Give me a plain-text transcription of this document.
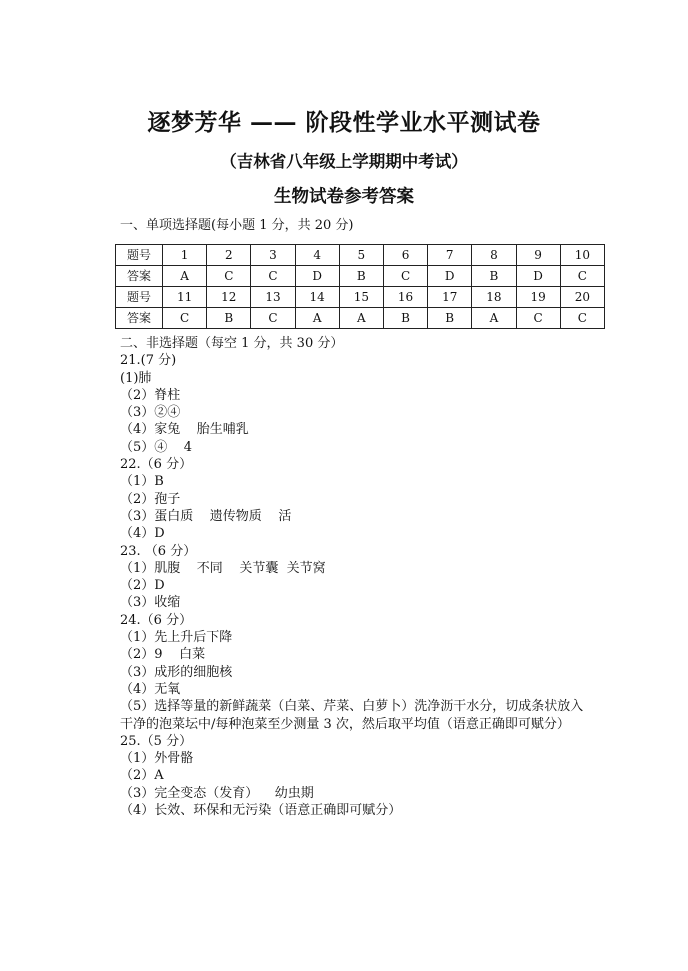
逐梦芳华 —— 阶段性学业水平测试卷
（吉林省八年级上学期期中考试）
生物试卷参考答案
一、单项选择题(每小题 1 分，共 20 分)
题号	1	2	3	4	5	6	7	8	9	10
答案	A	C	C	D	B	C	D	B	D	C
题号	11	12	13	14	15	16	17	18	19	20
答案	C	B	C	A	A	B	B	A	C	C
二、非选择题（每空 1 分，共 30 分）
21.(7 分)
(1)肺
（2）脊柱
（3）②④
（4）家兔    胎生哺乳
（5）④    4
22.（6 分）
（1）B
（2）孢子
（3）蛋白质    遗传物质    活
（4）D
23. （6 分）
（1）肌腹    不同    关节囊  关节窝
（2）D
（3）收缩
24.（6 分）
（1）先上升后下降
（2）9    白菜
（3）成形的细胞核
（4）无氧
（5）选择等量的新鲜蔬菜（白菜、芹菜、白萝卜）洗净沥干水分，切成条状放入干净的泡菜坛中/每种泡菜至少测量 3 次，然后取平均值（语意正确即可赋分）
25.（5 分）
（1）外骨骼
（2）A
（3）完全变态（发育）    幼虫期
（4）长效、环保和无污染（语意正确即可赋分）
